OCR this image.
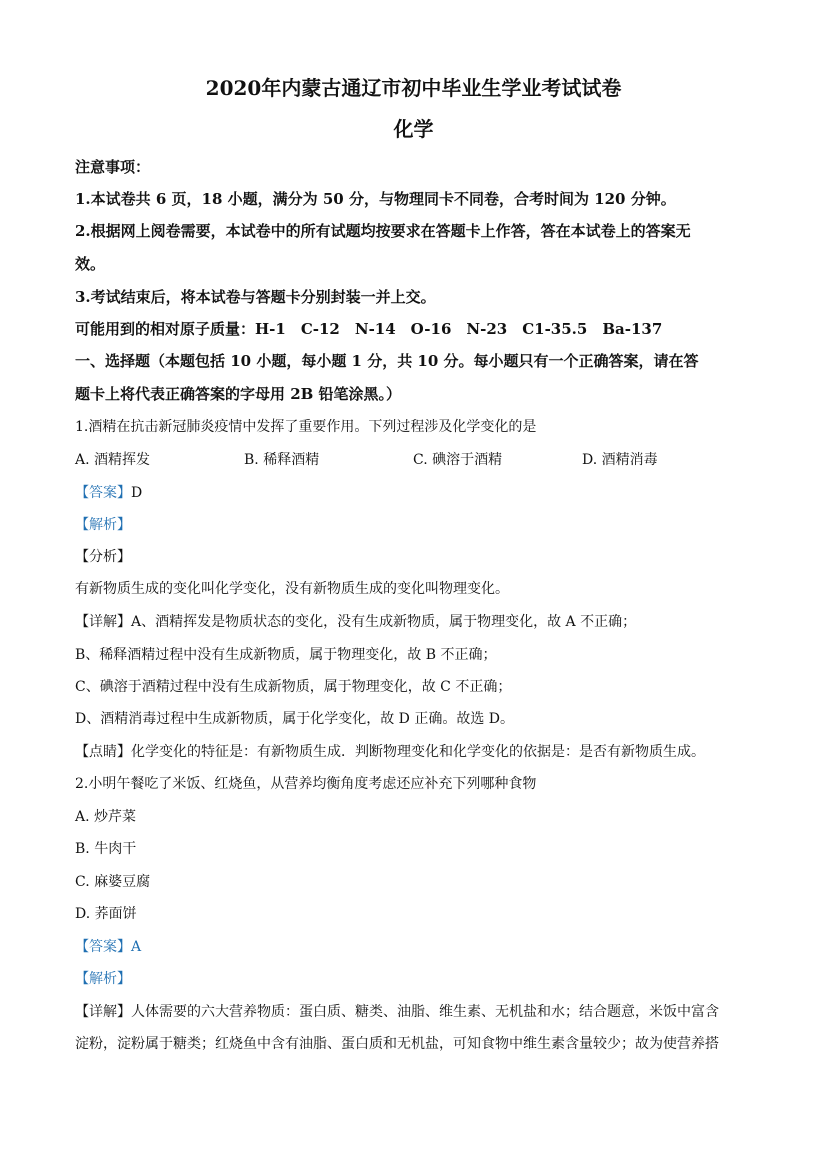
2020年内蒙古通辽市初中毕业生学业考试试卷
化学
注意事项：
1.本试卷共 6 页，18 小题，满分为 50 分，与物理同卡不同卷，合考时间为 120 分钟。
2.根据网上阅卷需要，本试卷中的所有试题均按要求在答题卡上作答，答在本试卷上的答案无
效。
3.考试结束后，将本试卷与答题卡分别封装一并上交。
可能用到的相对原子质量：H-1　C-12　N-14　O-16　N-23　C1-35.5　Ba-137
一、选择题（本题包括 10 小题，每小题 1 分，共 10 分。每小题只有一个正确答案，请在答
题卡上将代表正确答案的字母用 2B 铅笔涂黑。）
1.酒精在抗击新冠肺炎疫情中发挥了重要作用。下列过程涉及化学变化的是
A. 酒精挥发	B. 稀释酒精	C. 碘溶于酒精	D. 酒精消毒
【答案】D
【解析】
【分析】
有新物质生成的变化叫化学变化，没有新物质生成的变化叫物理变化。
【详解】A、酒精挥发是物质状态的变化，没有生成新物质，属于物理变化，故 A 不正确；
B、稀释酒精过程中没有生成新物质，属于物理变化，故 B 不正确；
C、碘溶于酒精过程中没有生成新物质，属于物理变化，故 C 不正确；
D、酒精消毒过程中生成新物质，属于化学变化，故 D 正确。故选 D。
【点睛】化学变化的特征是：有新物质生成．判断物理变化和化学变化的依据是：是否有新物质生成。
2.小明午餐吃了米饭、红烧鱼，从营养均衡角度考虑还应补充下列哪种食物
A. 炒芹菜
B. 牛肉干
C. 麻婆豆腐
D. 荞面饼
【答案】A
【解析】
【详解】人体需要的六大营养物质：蛋白质、糖类、油脂、维生素、无机盐和水；结合题意，米饭中富含
淀粉，淀粉属于糖类；红烧鱼中含有油脂、蛋白质和无机盐，可知食物中维生素含量较少；故为使营养搭
